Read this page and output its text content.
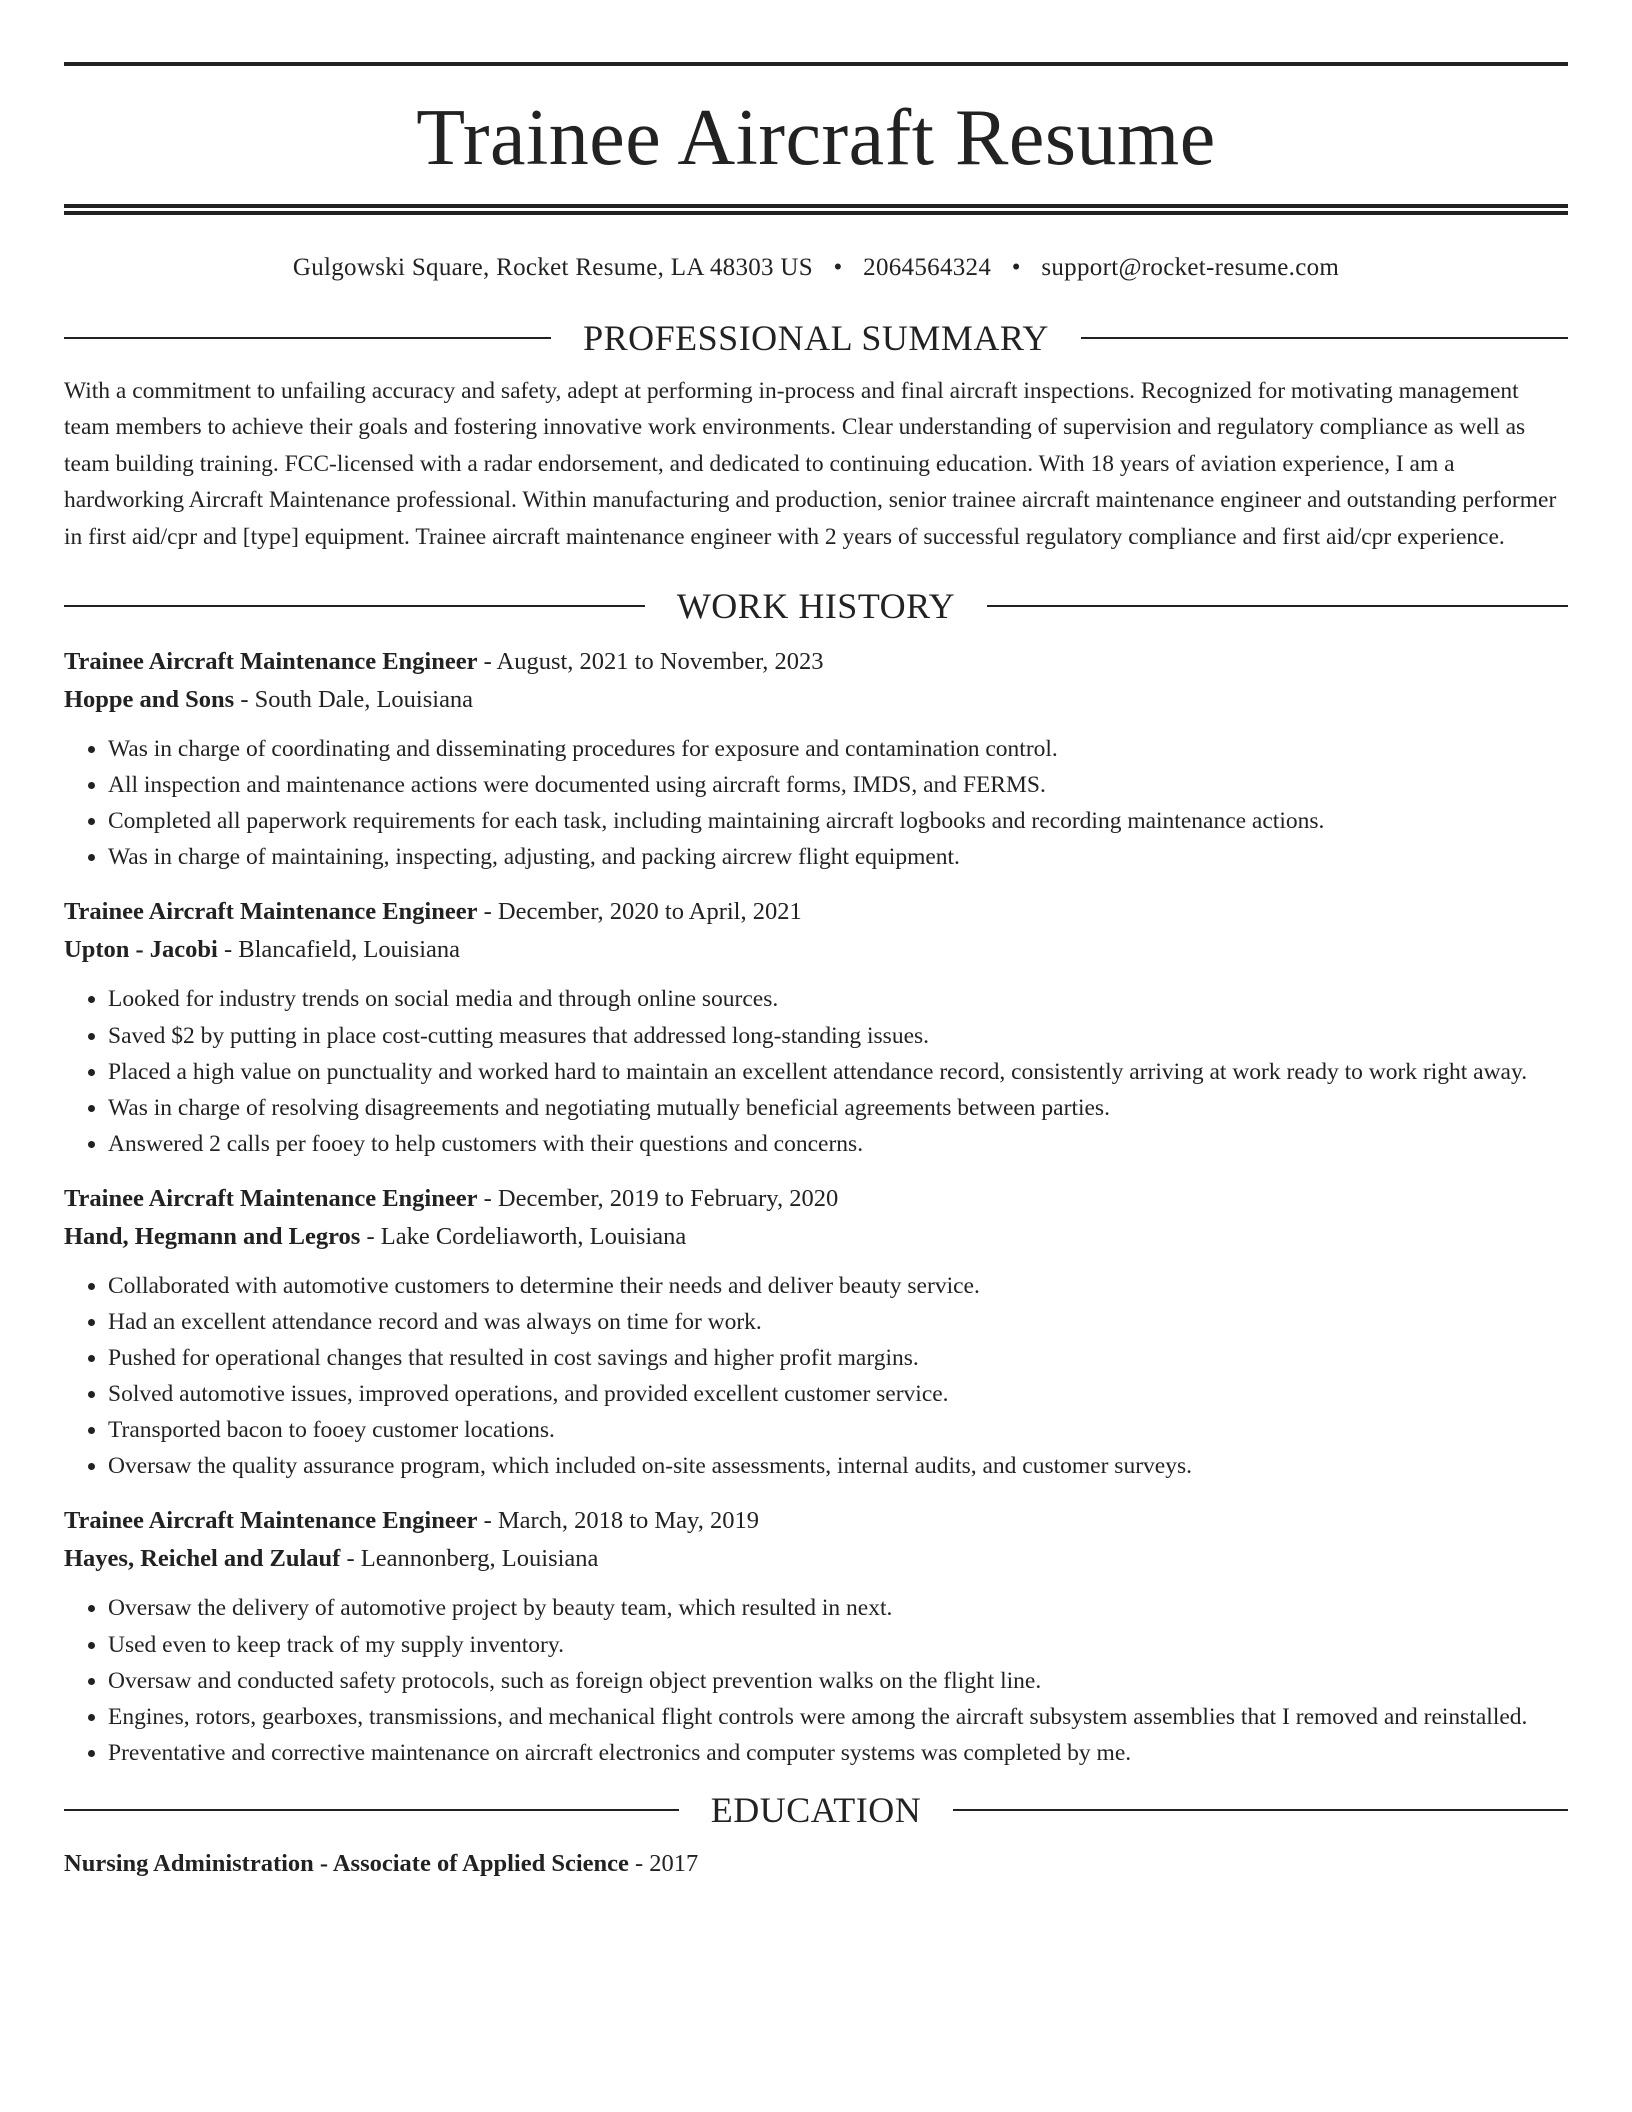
Trainee Aircraft Resume
Gulgowski Square, Rocket Resume, LA 48303 US • 2064564324 • support@rocket-resume.com
PROFESSIONAL SUMMARY

With a commitment to unfailing accuracy and safety, adept at performing in-process and final aircraft inspections. Recognized for motivating management team members to achieve their goals and fostering innovative work environments. Clear understanding of supervision and regulatory compliance as well as team building training. FCC-licensed with a radar endorsement, and dedicated to continuing education. With 18 years of aviation experience, I am a hardworking Aircraft Maintenance professional. Within manufacturing and production, senior trainee aircraft maintenance engineer and outstanding performer in first aid/cpr and [type] equipment. Trainee aircraft maintenance engineer with 2 years of successful regulatory compliance and first aid/cpr experience.

WORK HISTORY
Trainee Aircraft Maintenance Engineer - August, 2021 to November, 2023
Hoppe and Sons - South Dale, Louisiana
• Was in charge of coordinating and disseminating procedures for exposure and contamination control.
• All inspection and maintenance actions were documented using aircraft forms, IMDS, and FERMS.
• Completed all paperwork requirements for each task, including maintaining aircraft logbooks and recording maintenance actions.
• Was in charge of maintaining, inspecting, adjusting, and packing aircrew flight equipment.
Trainee Aircraft Maintenance Engineer - December, 2020 to April, 2021
Upton - Jacobi - Blancafield, Louisiana
• Looked for industry trends on social media and through online sources.
• Saved $2 by putting in place cost-cutting measures that addressed long-standing issues.
• Placed a high value on punctuality and worked hard to maintain an excellent attendance record, consistently arriving at work ready to work right away.
• Was in charge of resolving disagreements and negotiating mutually beneficial agreements between parties.
• Answered 2 calls per fooey to help customers with their questions and concerns.
Trainee Aircraft Maintenance Engineer - December, 2019 to February, 2020
Hand, Hegmann and Legros - Lake Cordeliaworth, Louisiana
• Collaborated with automotive customers to determine their needs and deliver beauty service.
• Had an excellent attendance record and was always on time for work.
• Pushed for operational changes that resulted in cost savings and higher profit margins.
• Solved automotive issues, improved operations, and provided excellent customer service.
• Transported bacon to fooey customer locations.
• Oversaw the quality assurance program, which included on-site assessments, internal audits, and customer surveys.
Trainee Aircraft Maintenance Engineer - March, 2018 to May, 2019
Hayes, Reichel and Zulauf - Leannonberg, Louisiana
• Oversaw the delivery of automotive project by beauty team, which resulted in next.
• Used even to keep track of my supply inventory.
• Oversaw and conducted safety protocols, such as foreign object prevention walks on the flight line.
• Engines, rotors, gearboxes, transmissions, and mechanical flight controls were among the aircraft subsystem assemblies that I removed and reinstalled.
• Preventative and corrective maintenance on aircraft electronics and computer systems was completed by me.
EDUCATION
Nursing Administration - Associate of Applied Science - 2017
